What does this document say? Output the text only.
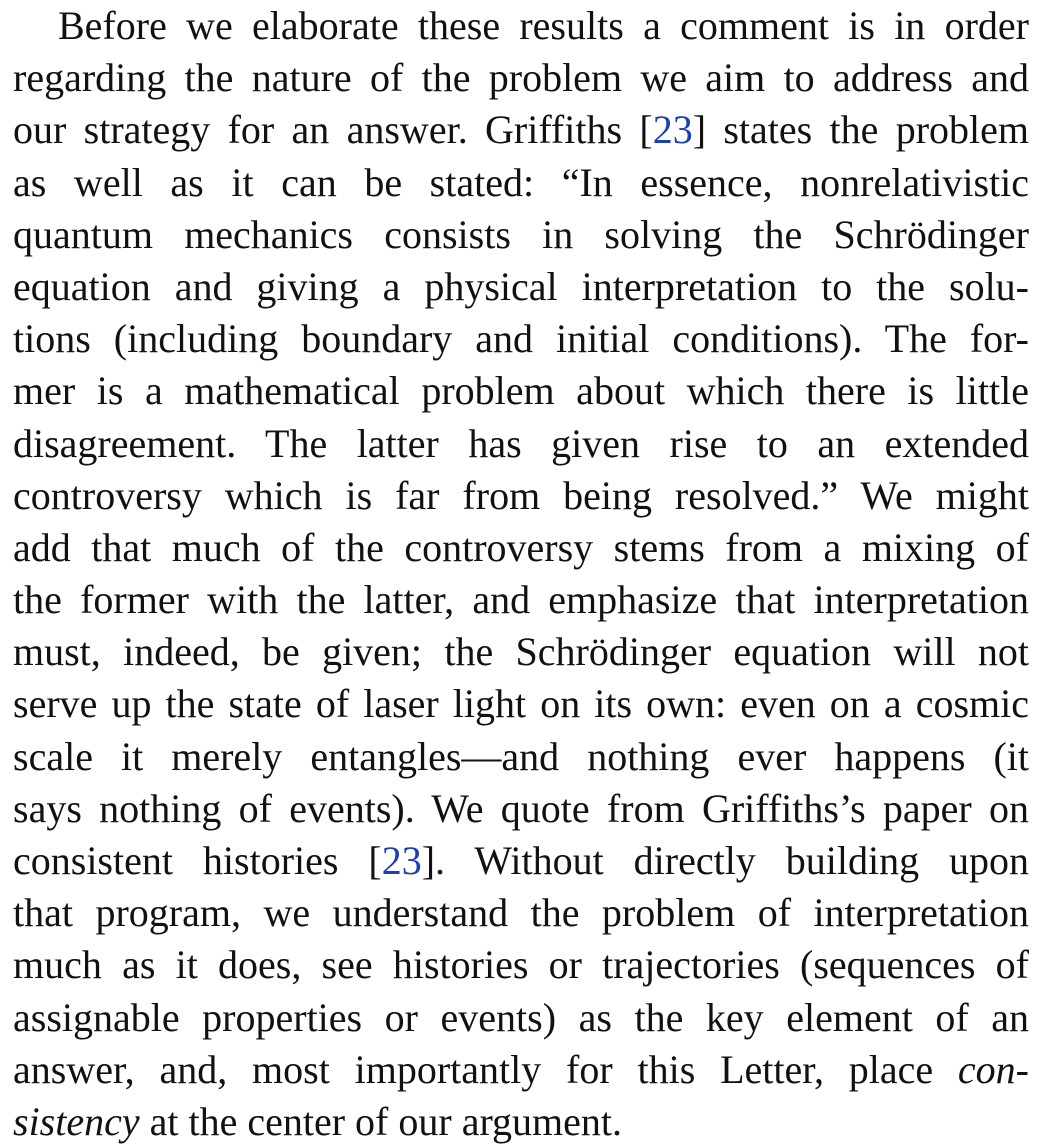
Before we elaborate these results a comment is in order
regarding the nature of the problem we aim to address and
our strategy for an answer. Griffiths [23] states the problem
as well as it can be stated: “In essence, nonrelativistic
quantum mechanics consists in solving the Schrödinger
equation and giving a physical interpretation to the solu-
tions (including boundary and initial conditions). The for-
mer is a mathematical problem about which there is little
disagreement. The latter has given rise to an extended
controversy which is far from being resolved.” We might
add that much of the controversy stems from a mixing of
the former with the latter, and emphasize that interpretation
must, indeed, be given; the Schrödinger equation will not
serve up the state of laser light on its own: even on a cosmic
scale it merely entangles—and nothing ever happens (it
says nothing of events). We quote from Griffiths’s paper on
consistent histories [23]. Without directly building upon
that program, we understand the problem of interpretation
much as it does, see histories or trajectories (sequences of
assignable properties or events) as the key element of an
answer, and, most importantly for this Letter, place con-
sistency at the center of our argument.
